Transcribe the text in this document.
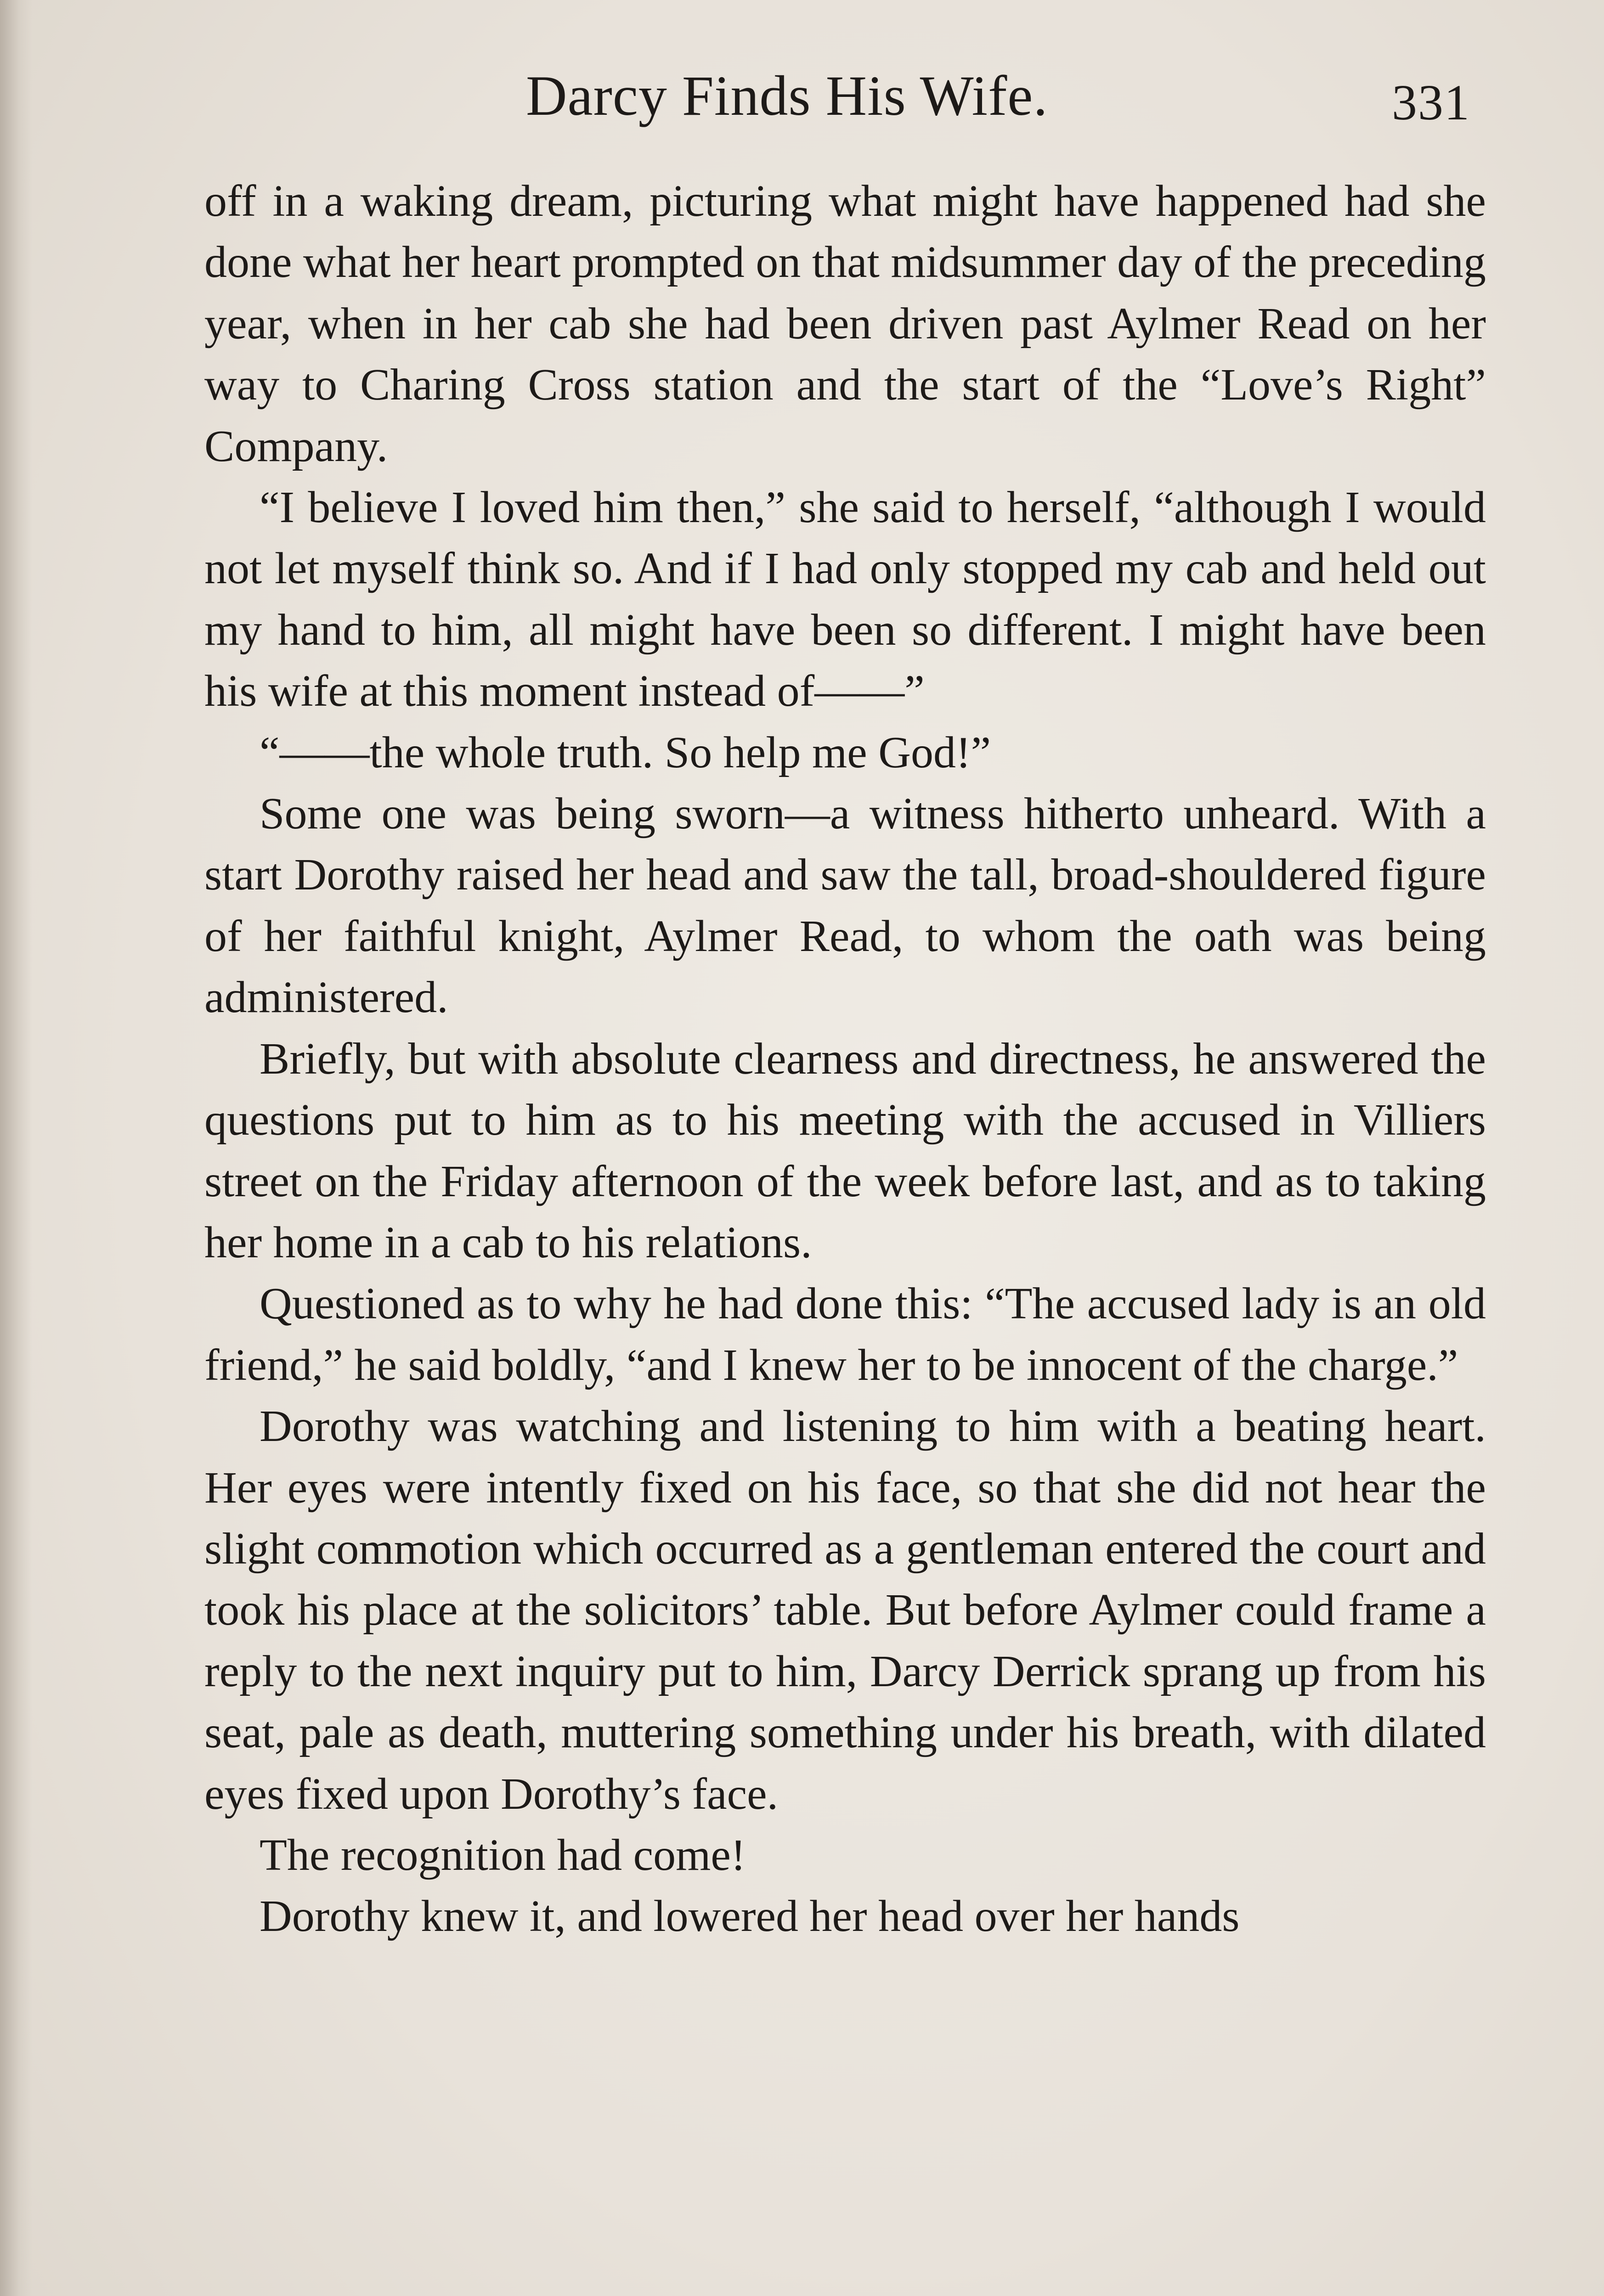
Darcy Finds His Wife.	331

off in a waking dream, picturing what might have happened had she done what her heart prompted on that midsummer day of the preceding year, when in her cab she had been driven past Aylmer Read on her way to Charing Cross station and the start of the “Love’s Right” Company.

“I believe I loved him then,” she said to herself, “although I would not let myself think so. And if I had only stopped my cab and held out my hand to him, all might have been so different. I might have been his wife at this moment instead of——”

“——the whole truth. So help me God!”

Some one was being sworn—a witness hitherto unheard. With a start Dorothy raised her head and saw the tall, broad-shouldered figure of her faithful knight, Aylmer Read, to whom the oath was being administered.

Briefly, but with absolute clearness and directness, he answered the questions put to him as to his meeting with the accused in Villiers street on the Friday afternoon of the week before last, and as to taking her home in a cab to his relations.

Questioned as to why he had done this: “The accused lady is an old friend,” he said boldly, “and I knew her to be innocent of the charge.”

Dorothy was watching and listening to him with a beating heart. Her eyes were intently fixed on his face, so that she did not hear the slight commotion which occurred as a gentleman entered the court and took his place at the solicitors’ table. But before Aylmer could frame a reply to the next inquiry put to him, Darcy Derrick sprang up from his seat, pale as death, muttering something under his breath, with dilated eyes fixed upon Dorothy’s face.

The recognition had come!

Dorothy knew it, and lowered her head over her hands
